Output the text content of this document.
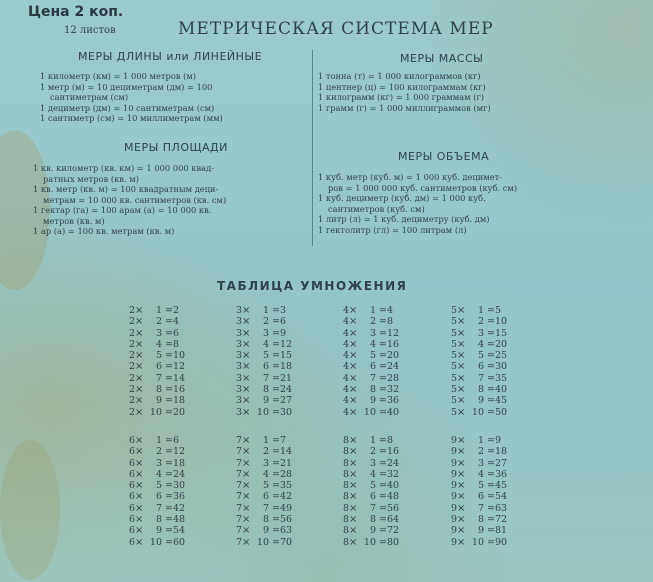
Цена 2 коп.
12 листов	МЕТРИЧЕСКАЯ СИСТЕМА МЕР
МЕРЫ ДЛИНЫ или ЛИНЕЙНЫЕ
1 километр (км) = 1 000 метров (м)
1 метр (м) = 10 дециметрам (дм) = 100
сантиметрам (см)
1 дециметр (дм) = 10 сантиметрам (см)
1 сантиметр (см) = 10 миллиметрам (мм)
МЕРЫ МАССЫ
1 тонна (т) = 1 000 килограммов (кг)
1 центнер (ц) = 100 килограммам (кг)
1 килограмм (кг) = 1 000 граммам (г)
1 грамм (г) = 1 000 миллиграммов (мг)
МЕРЫ ПЛОЩАДИ
1 кв. километр (кв. км) = 1 000 000 квад-
ратных метров (кв. м)
1 кв. метр (кв. м) = 100 квадратным деци-
метрам = 10 000 кв. сантиметров (кв. см)
1 гектар (га) = 100 арам (а) = 10 000 кв.
метров (кв. м)
1 ар (а) = 100 кв. метрам (кв. м)
МЕРЫ ОБЪЕМА
1 куб. метр (куб. м) = 1 000 куб. децимет-
ров = 1 000 000 куб. сантиметров (куб. см)
1 куб. дециметр (куб. дм) = 1 000 куб.
сантиметров (куб. см)
1 литр (л) = 1 куб. дециметру (куб. дм)
1 гектолитр (гл) = 100 литрам (л)
ТАБЛИЦА УМНОЖЕНИЯ
2 ×	1 = 2
2 ×	2 = 4
2 ×	3 = 6
2 ×	4 = 8
2 ×	5 = 10
2 ×	6 = 12
2 ×	7 = 14
2 ×	8 = 16
2 ×	9 = 18
2 × 10 = 20
3 ×	1 = 3
3 ×	2 = 6
3 ×	3 = 9
3 ×	4 = 12
3 ×	5 = 15
3 ×	6 = 18
3 ×	7 = 21
3 ×	8 = 24
3 ×	9 = 27
3 × 10 = 30
4 ×	1 = 4
4 ×	2 = 8
4 ×	3 = 12
4 ×	4 = 16
4 ×	5 = 20
4 ×	6 = 24
4 ×	7 = 28
4 ×	8 = 32
4 ×	9 = 36
4 × 10 = 40
5 ×	1 = 5
5 ×	2 = 10
5 ×	3 = 15
5 ×	4 = 20
5 ×	5 = 25
5 ×	6 = 30
5 ×	7 = 35
5 ×	8 = 40
5 ×	9 = 45
5 × 10 = 50
6 ×	1 = 6
6 ×	2 = 12
6 ×	3 = 18
6 ×	4 = 24
6 ×	5 = 30
6 ×	6 = 36
6 ×	7 = 42
6 ×	8 = 48
6 ×	9 = 54
6 × 10 = 60
7 ×	1 = 7
7 ×	2 = 14
7 ×	3 = 21
7 ×	4 = 28
7 ×	5 = 35
7 ×	6 = 42
7 ×	7 = 49
7 ×	8 = 56
7 ×	9 = 63
7 × 10 = 70
8 ×	1 = 8
8 ×	2 = 16
8 ×	3 = 24
8 ×	4 = 32
8 ×	5 = 40
8 ×	6 = 48
8 ×	7 = 56
8 ×	8 = 64
8 ×	9 = 72
8 × 10 = 80
9 ×	1 = 9
9 ×	2 = 18
9 ×	3 = 27
9 ×	4 = 36
9 ×	5 = 45
9 ×	6 = 54
9 ×	7 = 63
9 ×	8 = 72
9 ×	9 = 81
9 × 10 = 90
